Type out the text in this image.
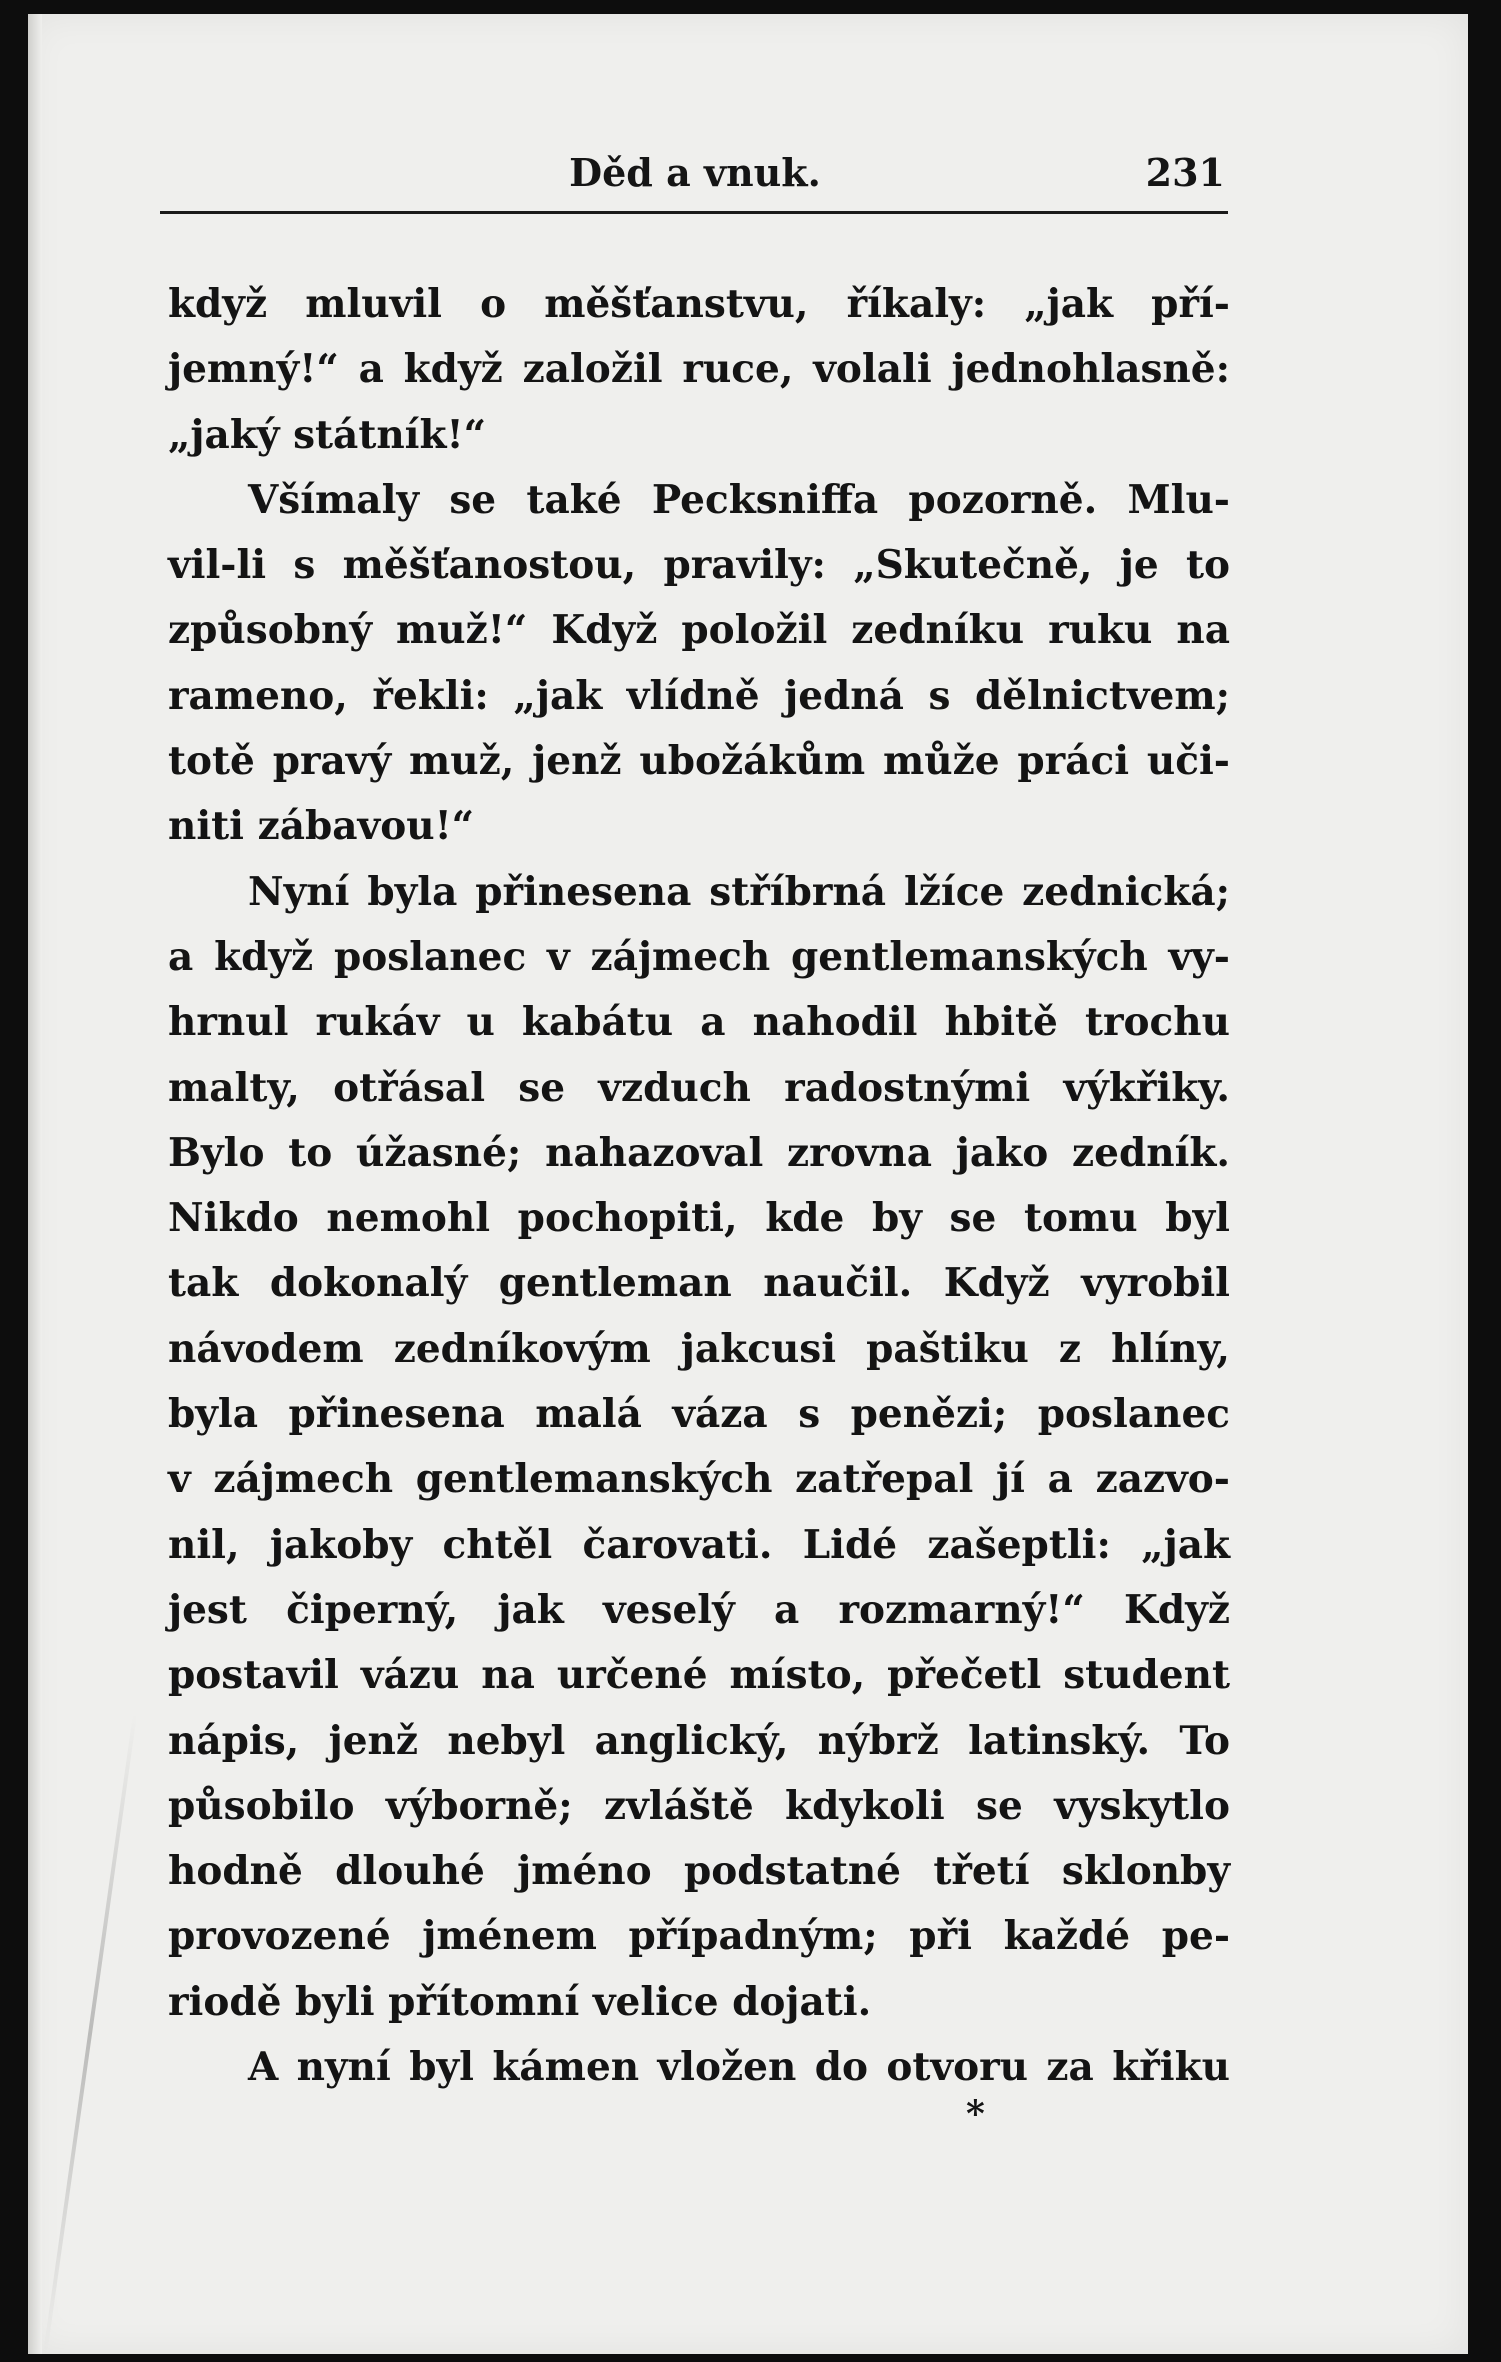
Děd a vnuk.	231
když mluvil o měšťanstvu, říkaly: „jak pří-
jemný!“ a když založil ruce, volali jednohlasně:
„jaký státník!“
Všímaly se také Pecksniffa pozorně. Mlu-
vil-li s měšťanostou, pravily: „Skutečně, je to
způsobný muž!“ Když položil zedníku ruku na
rameno, řekli: „jak vlídně jedná s dělnictvem;
totě pravý muž, jenž ubožákům může práci uči-
niti zábavou!“
Nyní byla přinesena stříbrná lžíce zednická;
a když poslanec v zájmech gentlemanských vy-
hrnul rukáv u kabátu a nahodil hbitě trochu
malty, otřásal se vzduch radostnými výkřiky.
Bylo to úžasné; nahazoval zrovna jako zedník.
Nikdo nemohl pochopiti, kde by se tomu byl
tak dokonalý gentleman naučil. Když vyrobil
návodem zedníkovým jakcusi paštiku z hlíny,
byla přinesena malá váza s penězi; poslanec
v zájmech gentlemanských zatřepal jí a zazvo-
nil, jakoby chtěl čarovati. Lidé zašeptli: „jak
jest čiperný, jak veselý a rozmarný!“ Když
postavil vázu na určené místo, přečetl student
nápis, jenž nebyl anglický, nýbrž latinský. To
působilo výborně; zvláště kdykoli se vyskytlo
hodně dlouhé jméno podstatné třetí sklonby
provozené jménem případným; při každé pe-
riodě byli přítomní velice dojati.
A nyní byl kámen vložen do otvoru za křiku
*
